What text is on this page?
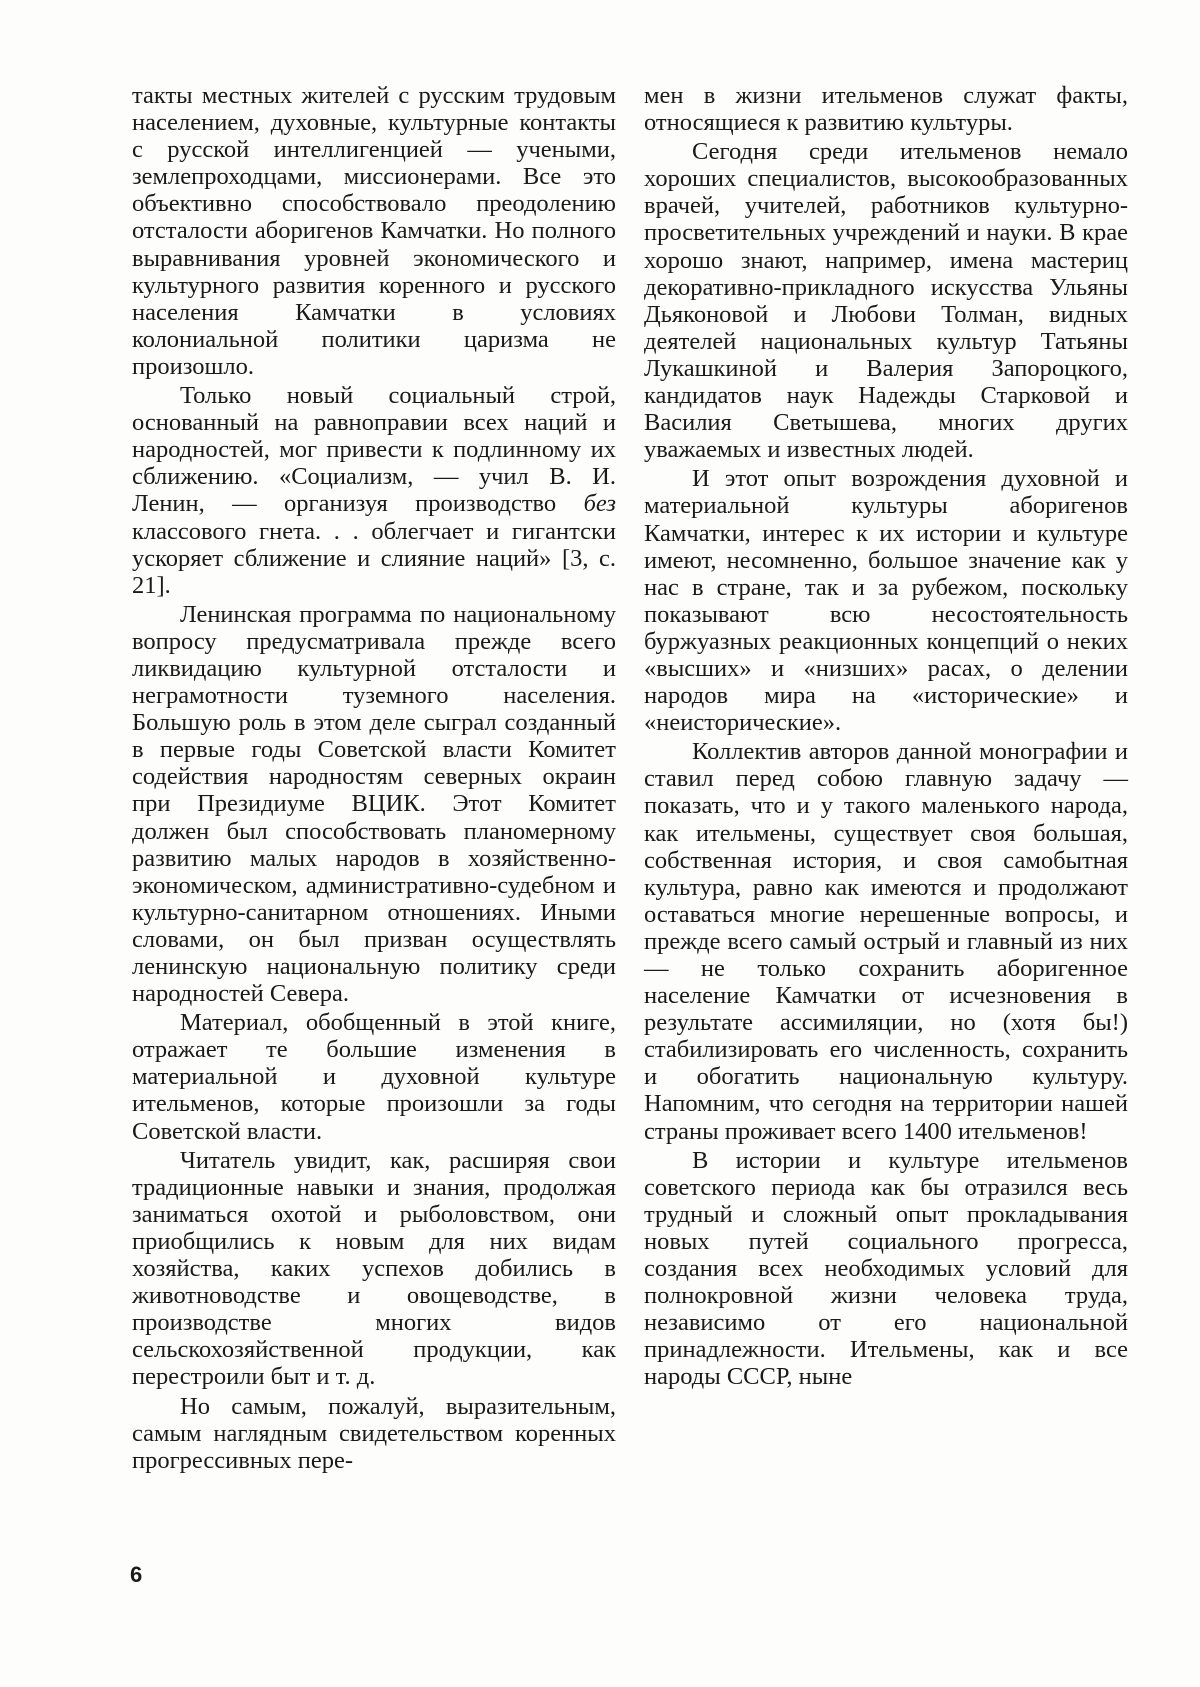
такты местных жителей с русским трудовым населением, духовные, культурные контакты с русской интеллигенцией — учеными, землепроходцами, миссионерами. Все это объективно способствовало преодолению отсталости аборигенов Камчатки. Но полного выравнивания уровней экономического и культурного развития коренного и русского населения Камчатки в условиях колониальной политики царизма не произошло.

Только новый социальный строй, основанный на равноправии всех наций и народностей, мог привести к подлинному их сближению. «Социализм, — учил В. И. Ленин, — организуя производство без классового гнета. . . облегчает и гигантски ускоряет сближение и слияние наций» [3, с. 21].

Ленинская программа по национальному вопросу предусматривала прежде всего ликвидацию культурной отсталости и неграмотности туземного населения. Большую роль в этом деле сыграл созданный в первые годы Советской власти Комитет содействия народностям северных окраин при Президиуме ВЦИК. Этот Комитет должен был способствовать планомерному развитию малых народов в хозяйственно-экономическом, административно-судебном и культурно-санитарном отношениях. Иными словами, он был призван осуществлять ленинскую национальную политику среди народностей Севера.

Материал, обобщенный в этой книге, отражает те большие изменения в материальной и духовной культуре ительменов, которые произошли за годы Советской власти.

Читатель увидит, как, расширяя свои традиционные навыки и знания, продолжая заниматься охотой и рыболовством, они приобщились к новым для них видам хозяйства, каких успехов добились в животноводстве и овощеводстве, в производстве многих видов сельскохозяйственной продукции, как перестроили быт и т. д.

Но самым, пожалуй, выразительным, самым наглядным свидетельством коренных прогрессивных пере-

мен в жизни ительменов служат факты, относящиеся к развитию культуры.

Сегодня среди ительменов немало хороших специалистов, высокообразованных врачей, учителей, работников культурно-просветительных учреждений и науки. В крае хорошо знают, например, имена мастериц декоративно-прикладного искусства Ульяны Дьяконовой и Любови Толман, видных деятелей национальных культур Татьяны Лукашкиной и Валерия Запороцкого, кандидатов наук Надежды Старковой и Василия Светышева, многих других уважаемых и известных людей.

И этот опыт возрождения духовной и материальной культуры аборигенов Камчатки, интерес к их истории и культуре имеют, несомненно, большое значение как у нас в стране, так и за рубежом, поскольку показывают всю несостоятельность буржуазных реакционных концепций о неких «высших» и «низших» расах, о делении народов мира на «исторические» и «неисторические».

Коллектив авторов данной монографии и ставил перед собою главную задачу — показать, что и у такого маленького народа, как ительмены, существует своя большая, собственная история, и своя самобытная культура, равно как имеются и продолжают оставаться многие нерешенные вопросы, и прежде всего самый острый и главный из них — не только сохранить аборигенное население Камчатки от исчезновения в результате ассимиляции, но (хотя бы!) стабилизировать его численность, сохранить и обогатить национальную культуру. Напомним, что сегодня на территории нашей страны проживает всего 1400 ительменов!

В истории и культуре ительменов советского периода как бы отразился весь трудный и сложный опыт прокладывания новых путей социального прогресса, создания всех необходимых условий для полнокровной жизни человека труда, независимо от его национальной принадлежности. Ительмены, как и все народы СССР, ныне

6
